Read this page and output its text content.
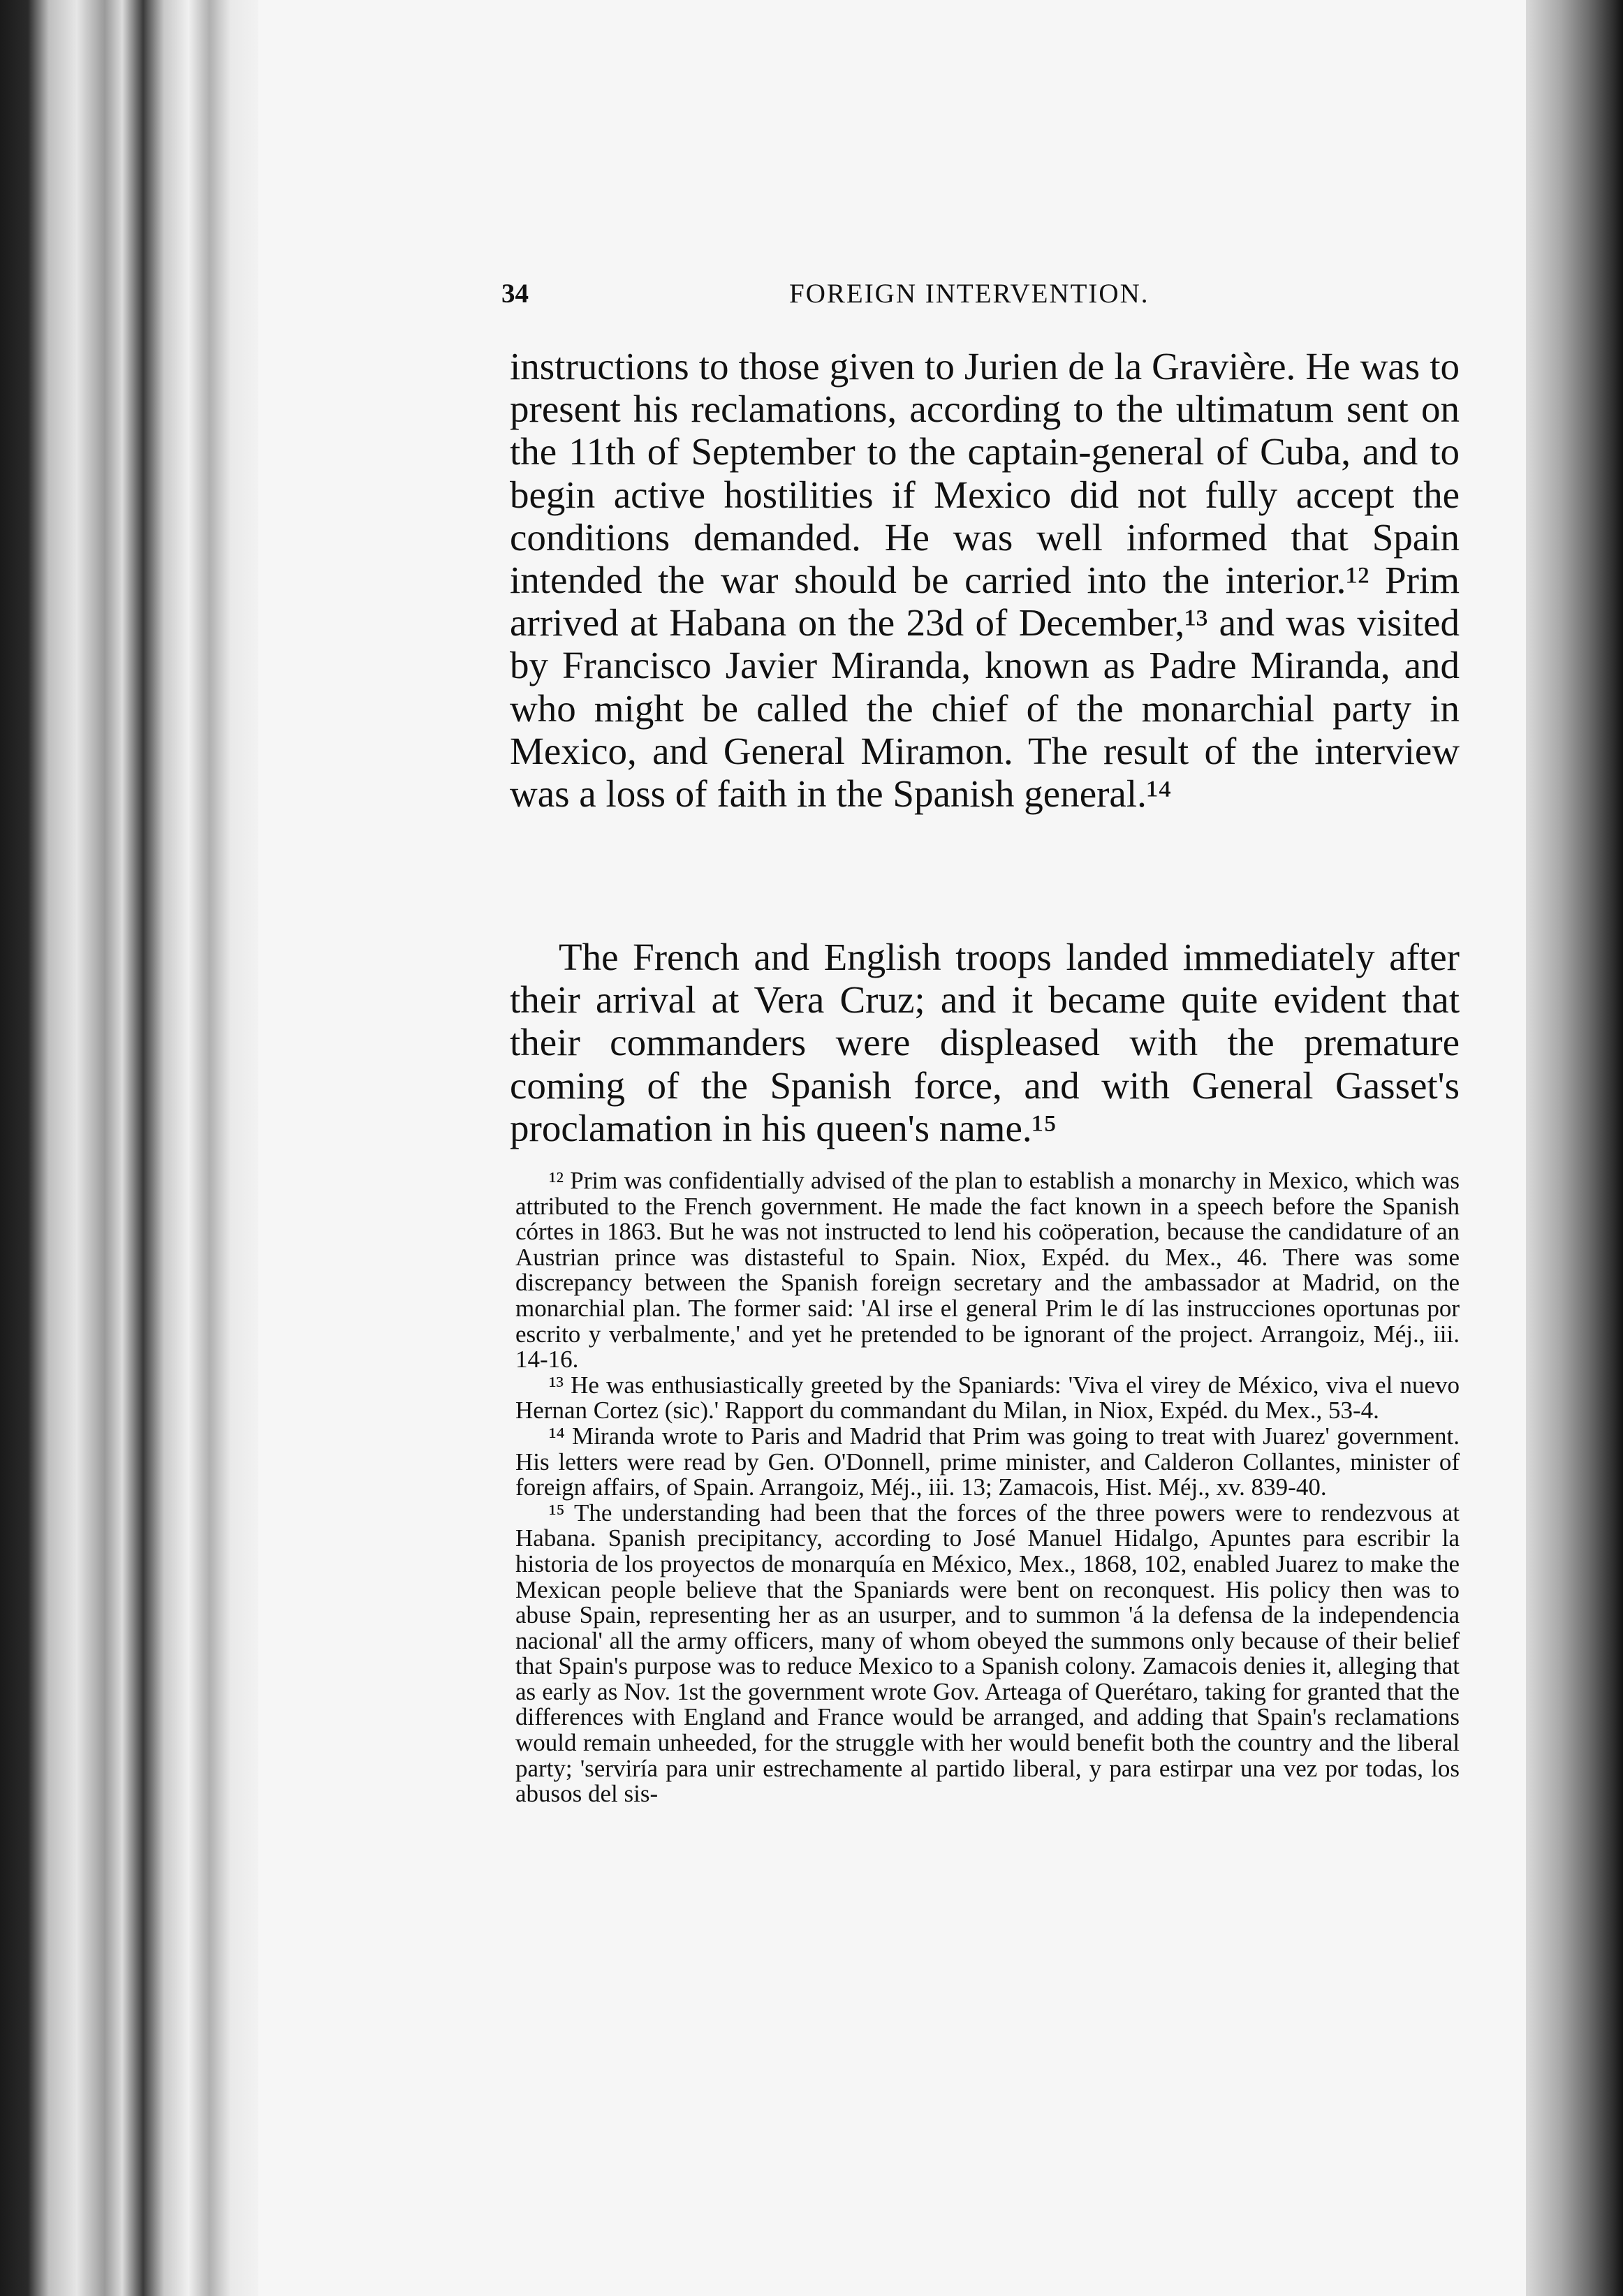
34	FOREIGN INTERVENTION.

instructions to those given to Jurien de la Gravière. He was to present his reclamations, according to the ultimatum sent on the 11th of September to the captain-general of Cuba, and to begin active hostilities if Mexico did not fully accept the conditions demanded. He was well informed that Spain intended the war should be carried into the interior.¹² Prim arrived at Habana on the 23d of December,¹³ and was visited by Francisco Javier Miranda, known as Padre Miranda, and who might be called the chief of the monarchial party in Mexico, and General Miramon. The result of the interview was a loss of faith in the Spanish general.¹⁴

The French and English troops landed immediately after their arrival at Vera Cruz; and it became quite evident that their commanders were displeased with the premature coming of the Spanish force, and with General Gasset's proclamation in his queen's name.¹⁵

¹² Prim was confidentially advised of the plan to establish a monarchy in Mexico, which was attributed to the French government. He made the fact known in a speech before the Spanish córtes in 1863. But he was not instructed to lend his coöperation, because the candidature of an Austrian prince was distasteful to Spain. Niox, Expéd. du Mex., 46. There was some discrepancy between the Spanish foreign secretary and the ambassador at Madrid, on the monarchial plan. The former said: 'Al irse el general Prim le dí las instrucciones oportunas por escrito y verbalmente,' and yet he pretended to be ignorant of the project. Arrangoiz, Méj., iii. 14-16.

¹³ He was enthusiastically greeted by the Spaniards: 'Viva el virey de México, viva el nuevo Hernan Cortez (sic).' Rapport du commandant du Milan, in Niox, Expéd. du Mex., 53-4.

¹⁴ Miranda wrote to Paris and Madrid that Prim was going to treat with Juarez' government. His letters were read by Gen. O'Donnell, prime minister, and Calderon Collantes, minister of foreign affairs, of Spain. Arrangoiz, Méj., iii. 13; Zamacois, Hist. Méj., xv. 839-40.

¹⁵ The understanding had been that the forces of the three powers were to rendezvous at Habana. Spanish precipitancy, according to José Manuel Hidalgo, Apuntes para escribir la historia de los proyectos de monarquía en México, Mex., 1868, 102, enabled Juarez to make the Mexican people believe that the Spaniards were bent on reconquest. His policy then was to abuse Spain, representing her as an usurper, and to summon 'á la defensa de la independencia nacional' all the army officers, many of whom obeyed the summons only because of their belief that Spain's purpose was to reduce Mexico to a Spanish colony. Zamacois denies it, alleging that as early as Nov. 1st the government wrote Gov. Arteaga of Querétaro, taking for granted that the differences with England and France would be arranged, and adding that Spain's reclamations would remain unheeded, for the struggle with her would benefit both the country and the liberal party; 'serviría para unir estrechamente al partido liberal, y para estirpar una vez por todas, los abusos del sis-
